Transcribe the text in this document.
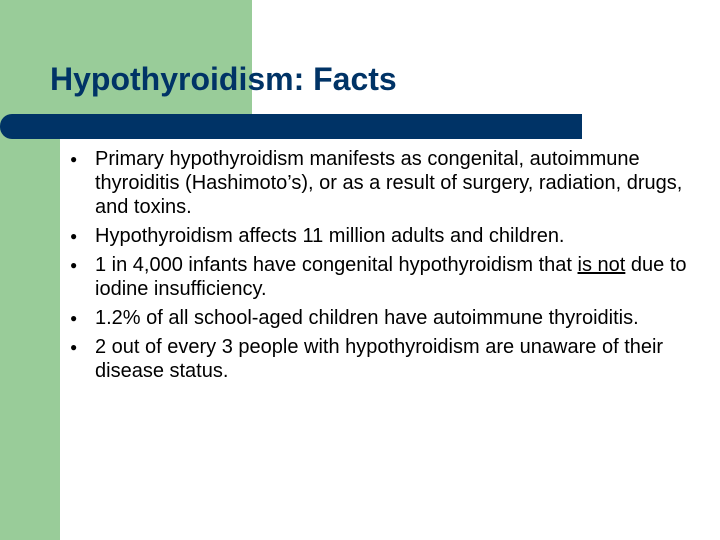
Hypothyroidism: Facts
● Primary hypothyroidism manifests as congenital, autoimmune thyroiditis (Hashimoto’s), or as a result of surgery, radiation, drugs, and toxins.
● Hypothyroidism affects 11 million adults and children.
● 1 in 4,000 infants have congenital hypothyroidism that is not due to iodine insufficiency.
● 1.2% of all school-aged children have autoimmune thyroiditis.
● 2 out of every 3 people with hypothyroidism are unaware of their disease status.
